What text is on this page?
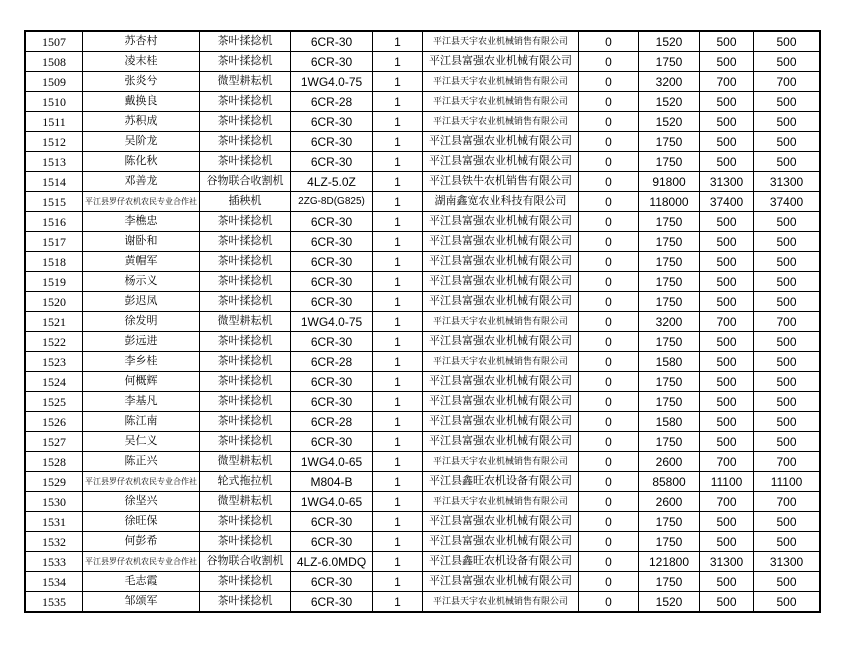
1507	苏杏村	茶叶揉捻机	6CR-30	1	平江县天宇农业机械销售有限公司	0	1520	500	500
1508	凌末桂	茶叶揉捻机	6CR-30	1	平江县富强农业机械有限公司	0	1750	500	500
1509	张炎兮	微型耕耘机	1WG4.0-75	1	平江县天宇农业机械销售有限公司	0	3200	700	700
1510	戴换良	茶叶揉捻机	6CR-28	1	平江县天宇农业机械销售有限公司	0	1520	500	500
1511	苏积成	茶叶揉捻机	6CR-30	1	平江县天宇农业机械销售有限公司	0	1520	500	500
1512	吴阶龙	茶叶揉捻机	6CR-30	1	平江县富强农业机械有限公司	0	1750	500	500
1513	陈化秋	茶叶揉捻机	6CR-30	1	平江县富强农业机械有限公司	0	1750	500	500
1514	邓善龙	谷物联合收割机	4LZ-5.0Z	1	平江县铁牛农机销售有限公司	0	91800	31300	31300
1515	平江县罗仔农机农民专业合作社	插秧机	2ZG-8D(G825)	1	湖南鑫宽农业科技有限公司	0	118000	37400	37400
1516	李樵忠	茶叶揉捻机	6CR-30	1	平江县富强农业机械有限公司	0	1750	500	500
1517	谢卧和	茶叶揉捻机	6CR-30	1	平江县富强农业机械有限公司	0	1750	500	500
1518	黄帽军	茶叶揉捻机	6CR-30	1	平江县富强农业机械有限公司	0	1750	500	500
1519	杨示义	茶叶揉捻机	6CR-30	1	平江县富强农业机械有限公司	0	1750	500	500
1520	彭迟凤	茶叶揉捻机	6CR-30	1	平江县富强农业机械有限公司	0	1750	500	500
1521	徐发明	微型耕耘机	1WG4.0-75	1	平江县天宇农业机械销售有限公司	0	3200	700	700
1522	彭远进	茶叶揉捻机	6CR-30	1	平江县富强农业机械有限公司	0	1750	500	500
1523	李乡桂	茶叶揉捻机	6CR-28	1	平江县天宇农业机械销售有限公司	0	1580	500	500
1524	何概辉	茶叶揉捻机	6CR-30	1	平江县富强农业机械有限公司	0	1750	500	500
1525	李基凡	茶叶揉捻机	6CR-30	1	平江县富强农业机械有限公司	0	1750	500	500
1526	陈江南	茶叶揉捻机	6CR-28	1	平江县富强农业机械有限公司	0	1580	500	500
1527	吴仁义	茶叶揉捻机	6CR-30	1	平江县富强农业机械有限公司	0	1750	500	500
1528	陈正兴	微型耕耘机	1WG4.0-65	1	平江县天宇农业机械销售有限公司	0	2600	700	700
1529	平江县罗仔农机农民专业合作社	轮式拖拉机	M804-B	1	平江县鑫旺农机设备有限公司	0	85800	11100	11100
1530	徐坚兴	微型耕耘机	1WG4.0-65	1	平江县天宇农业机械销售有限公司	0	2600	700	700
1531	徐旺保	茶叶揉捻机	6CR-30	1	平江县富强农业机械有限公司	0	1750	500	500
1532	何彭希	茶叶揉捻机	6CR-30	1	平江县富强农业机械有限公司	0	1750	500	500
1533	平江县罗仔农机农民专业合作社	谷物联合收割机	4LZ-6.0MDQ	1	平江县鑫旺农机设备有限公司	0	121800	31300	31300
1534	毛志霞	茶叶揉捻机	6CR-30	1	平江县富强农业机械有限公司	0	1750	500	500
1535	邹颂军	茶叶揉捻机	6CR-30	1	平江县天宇农业机械销售有限公司	0	1520	500	500
